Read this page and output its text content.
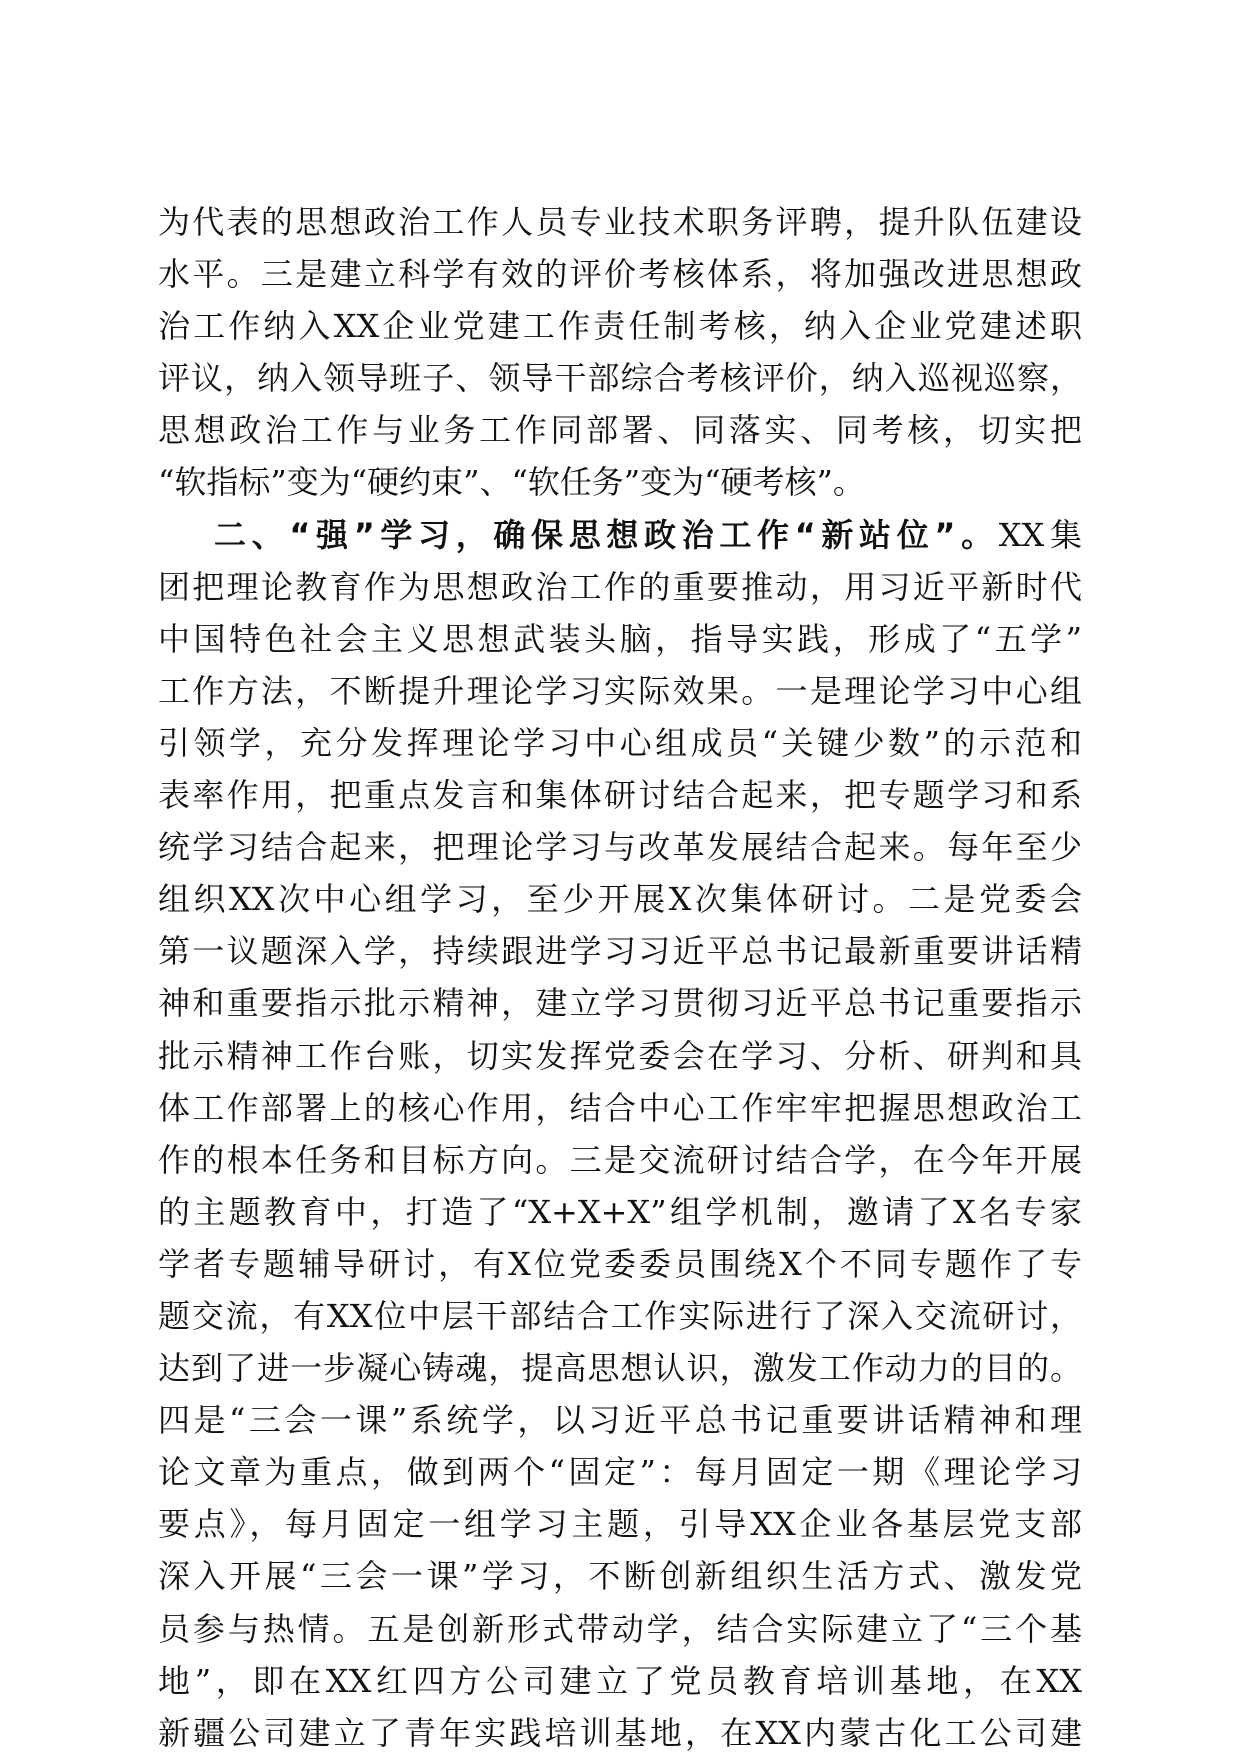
为代表的思想政治工作人员专业技术职务评聘，提升队伍建设
水平。三是建立科学有效的评价考核体系，将加强改进思想政
治工作纳入XX企业党建工作责任制考核，纳入企业党建述职
评议，纳入领导班子、领导干部综合考核评价，纳入巡视巡察，
思想政治工作与业务工作同部署、同落实、同考核，切实把
“软指标”变为“硬约束”、“软任务”变为“硬考核”。
二、“强”学习，确保思想政治工作“新站位”。XX集
团把理论教育作为思想政治工作的重要推动，用习近平新时代
中国特色社会主义思想武装头脑，指导实践，形成了“五学”
工作方法，不断提升理论学习实际效果。一是理论学习中心组
引领学，充分发挥理论学习中心组成员“关键少数”的示范和
表率作用，把重点发言和集体研讨结合起来，把专题学习和系
统学习结合起来，把理论学习与改革发展结合起来。每年至少
组织XX次中心组学习，至少开展X次集体研讨。二是党委会
第一议题深入学，持续跟进学习习近平总书记最新重要讲话精
神和重要指示批示精神，建立学习贯彻习近平总书记重要指示
批示精神工作台账，切实发挥党委会在学习、分析、研判和具
体工作部署上的核心作用，结合中心工作牢牢把握思想政治工
作的根本任务和目标方向。三是交流研讨结合学，在今年开展
的主题教育中，打造了“X+X+X”组学机制，邀请了X名专家
学者专题辅导研讨，有X位党委委员围绕X个不同专题作了专
题交流，有XX位中层干部结合工作实际进行了深入交流研讨，
达到了进一步凝心铸魂，提高思想认识，激发工作动力的目的。
四是“三会一课”系统学，以习近平总书记重要讲话精神和理
论文章为重点，做到两个“固定”：每月固定一期《理论学习
要点》，每月固定一组学习主题，引导XX企业各基层党支部
深入开展“三会一课”学习，不断创新组织生活方式、激发党
员参与热情。五是创新形式带动学，结合实际建立了“三个基
地”，即在XX红四方公司建立了党员教育培训基地，在XX
新疆公司建立了青年实践培训基地，在XX内蒙古化工公司建
